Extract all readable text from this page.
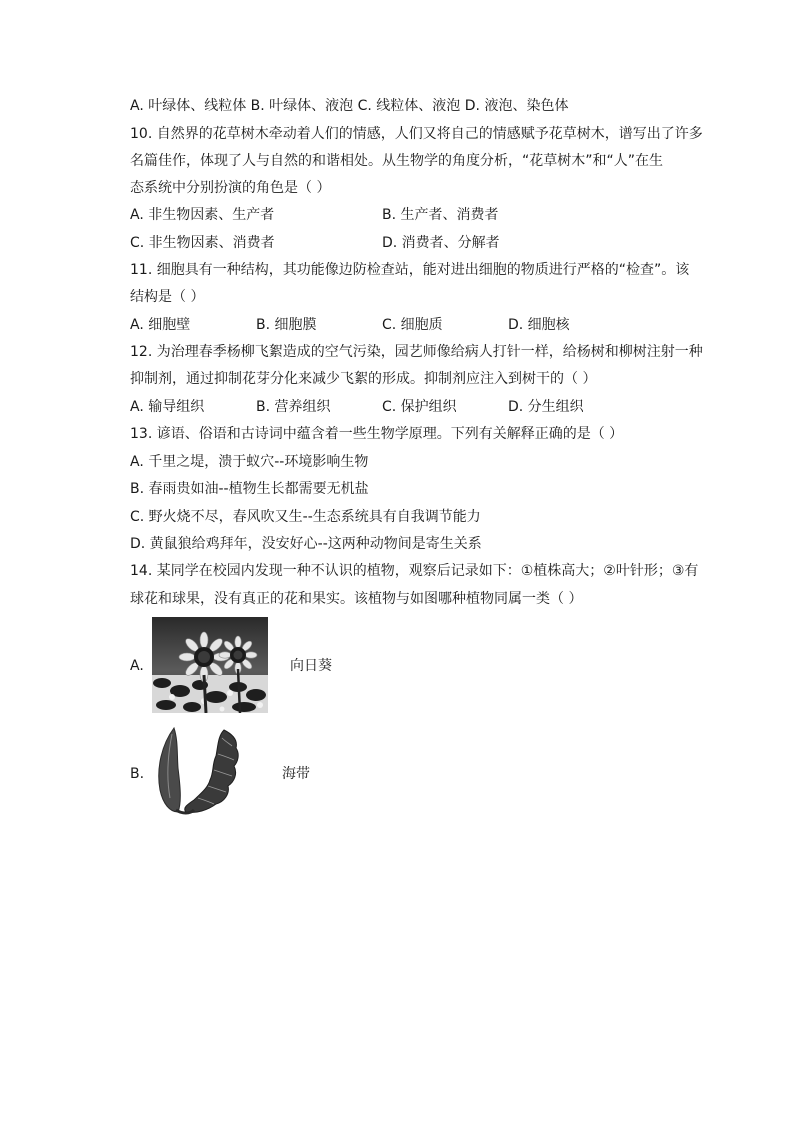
A. 叶绿体、线粒体 B. 叶绿体、液泡 C. 线粒体、液泡 D. 液泡、染色体
10. 自然界的花草树木牵动着人们的情感，人们又将自己的情感赋予花草树木，谱写出了许多
名篇佳作，体现了人与自然的和谐相处。从生物学的角度分析，“花草树木”和“人”在生
态系统中分别扮演的角色是（ ）
A. 非生物因素、生产者	B. 生产者、消费者
C. 非生物因素、消费者	D. 消费者、分解者
11. 细胞具有一种结构，其功能像边防检查站，能对进出细胞的物质进行严格的“检查”。该
结构是（ ）
A. 细胞壁	B. 细胞膜	C. 细胞质	D. 细胞核
12. 为治理春季杨柳飞絮造成的空气污染，园艺师像给病人打针一样，给杨树和柳树注射一种
抑制剂，通过抑制花芽分化来减少飞絮的形成。抑制剂应注入到树干的（ ）
A. 输导组织	B. 营养组织	C. 保护组织	D. 分生组织
13. 谚语、俗语和古诗词中蕴含着一些生物学原理。下列有关解释正确的是（ ）
A. 千里之堤，溃于蚁穴--环境影响生物
B. 春雨贵如油--植物生长都需要无机盐
C. 野火烧不尽，春风吹又生--生态系统具有自我调节能力
D. 黄鼠狼给鸡拜年，没安好心--这两种动物间是寄生关系
14. 某同学在校园内发现一种不认识的植物，观察后记录如下：①植株高大；②叶针形；③有
球花和球果，没有真正的花和果实。该植物与如图哪种植物同属一类（ ）
A.	向日葵
B.	海带
